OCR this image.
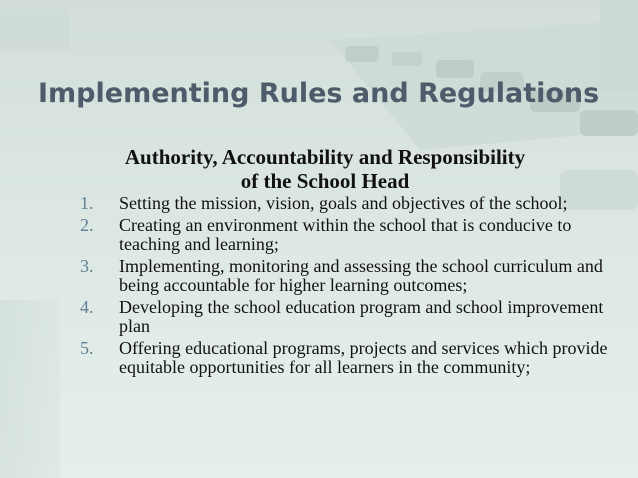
Implementing Rules and Regulations
Authority, Accountability and Responsibility
of the School Head
1. Setting the mission, vision, goals and objectives of the school;
2. Creating an environment within the school that is conducive to teaching and learning;
3. Implementing, monitoring and assessing the school curriculum and being accountable for higher learning outcomes;
4. Developing the school education program and school improvement plan
5. Offering educational programs, projects and services which provide equitable opportunities for all learners in the community;
